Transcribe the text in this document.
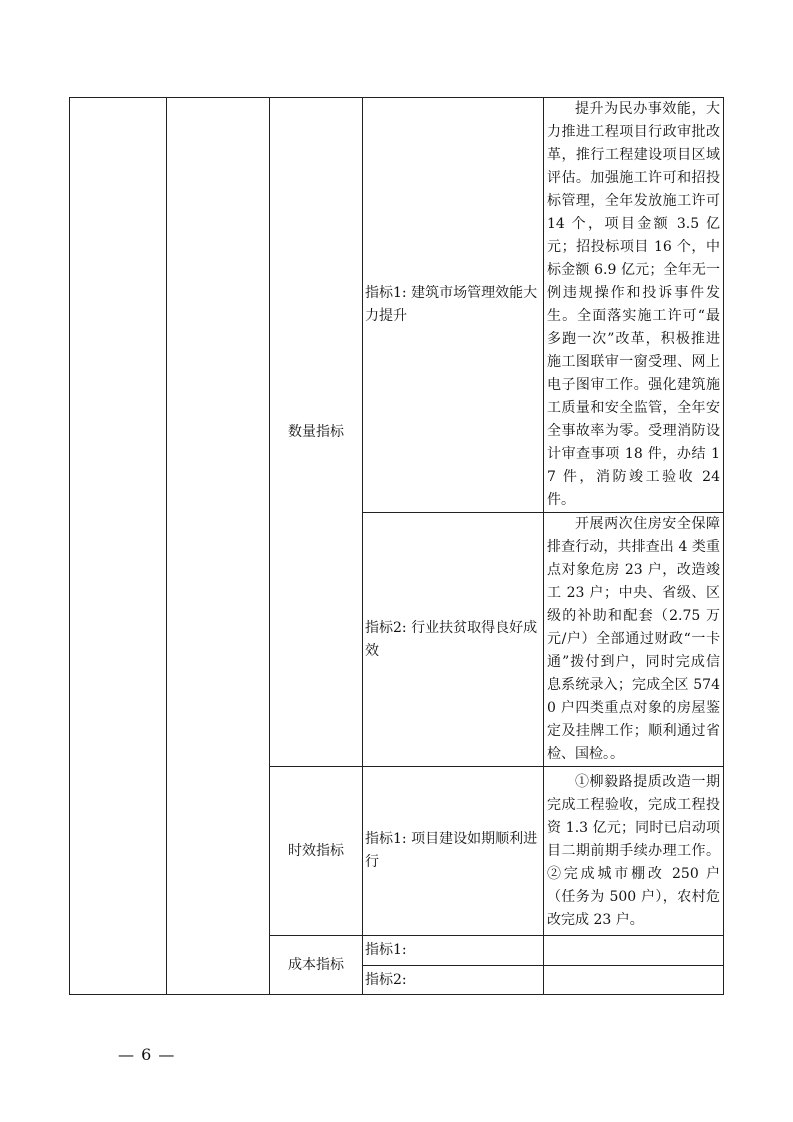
		数量指标	指标1: 建筑市场管理效能大力提升	提升为民办事效能，大力推进工程项目行政审批改革，推行工程建设项目区域评估。加强施工许可和招投标管理，全年发放施工许可 14 个，项目金额 3.5 亿元；招投标项目 16 个，中标金额 6.9 亿元；全年无一例违规操作和投诉事件发生。全面落实施工许可“最多跑一次”改革，积极推进施工图联审一窗受理、网上电子图审工作。强化建筑施工质量和安全监管，全年安全事故率为零。受理消防设计审查事项 18 件，办结 17 件，消防竣工验收 24 件。

			指标2: 行业扶贫取得良好成效	开展两次住房安全保障排查行动，共排查出 4 类重点对象危房 23 户，改造竣工 23 户；中央、省级、区级的补助和配套（2.75 万元/户）全部通过财政“一卡通”拨付到户，同时完成信息系统录入；完成全区 5740 户四类重点对象的房屋鉴定及挂牌工作；顺利通过省检、国检。。

		时效指标	指标1: 项目建设如期顺利进行	①柳毅路提质改造一期完成工程验收，完成工程投资 1.3 亿元；同时已启动项目二期前期手续办理工作。②完成城市棚改 250 户（任务为 500 户），农村危改完成 23 户。

		成本指标	指标1:	
			指标2:	
— 6 —
